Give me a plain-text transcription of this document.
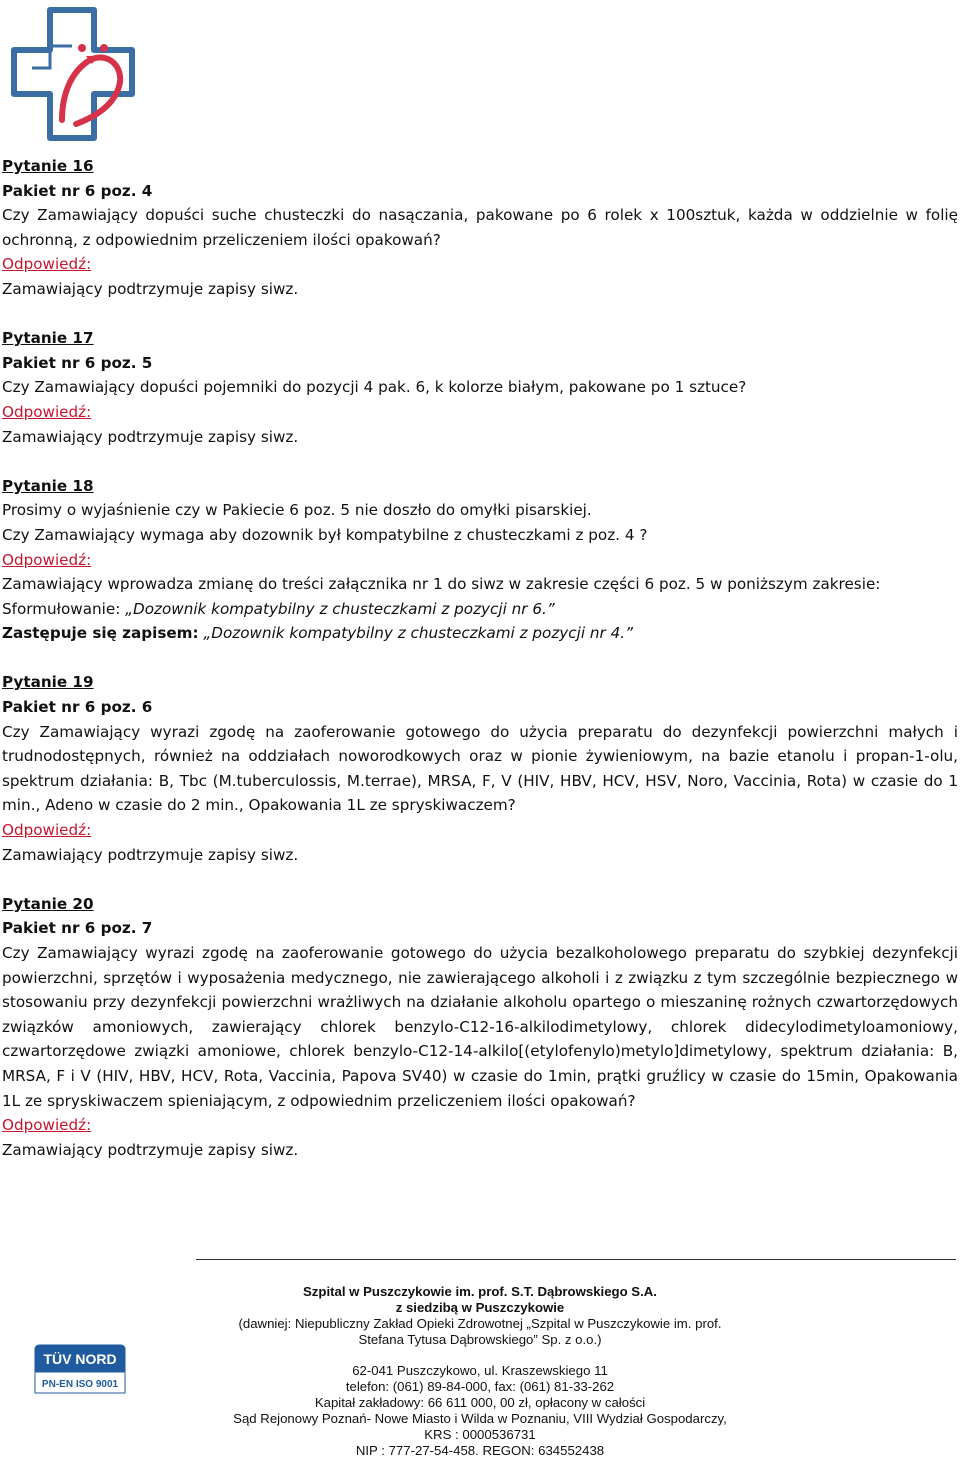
Pytanie 16

Pakiet nr 6 poz. 4

Czy Zamawiający dopuści suche chusteczki do nasączania, pakowane po 6 rolek x 100sztuk, każda w oddzielnie w folię ochronną, z odpowiednim przeliczeniem ilości opakowań?

Odpowiedź:

Zamawiający podtrzymuje zapisy siwz.

Pytanie 17

Pakiet nr 6 poz. 5

Czy Zamawiający dopuści pojemniki do pozycji 4 pak. 6, k kolorze białym, pakowane po 1 sztuce?

Odpowiedź:

Zamawiający podtrzymuje zapisy siwz.

Pytanie 18

Prosimy o wyjaśnienie czy w Pakiecie 6 poz. 5 nie doszło do omyłki pisarskiej.

Czy Zamawiający wymaga aby dozownik był kompatybilne z chusteczkami z poz. 4 ?

Odpowiedź:

Zamawiający wprowadza zmianę do treści załącznika nr 1 do siwz w zakresie części 6 poz. 5 w poniższym zakresie:

Sformułowanie: „Dozownik kompatybilny z chusteczkami z pozycji nr 6.”

Zastępuje się zapisem: „Dozownik kompatybilny z chusteczkami z pozycji nr 4.”

Pytanie 19

Pakiet nr 6 poz. 6

Czy Zamawiający wyrazi zgodę na zaoferowanie gotowego do użycia preparatu do dezynfekcji powierzchni małych i trudnodostępnych, również na oddziałach noworodkowych oraz w pionie żywieniowym, na bazie etanolu i propan-1-olu, spektrum działania: B, Tbc (M.tuberculossis, M.terrae), MRSA, F, V (HIV, HBV, HCV, HSV, Noro, Vaccinia, Rota) w czasie do 1 min., Adeno w czasie do 2 min., Opakowania 1L ze spryskiwaczem?

Odpowiedź:

Zamawiający podtrzymuje zapisy siwz.

Pytanie 20

Pakiet nr 6 poz. 7

Czy Zamawiający wyrazi zgodę na zaoferowanie gotowego do użycia bezalkoholowego preparatu do szybkiej dezynfekcji powierzchni, sprzętów i wyposażenia medycznego, nie zawierającego alkoholi i z związku z tym szczególnie bezpiecznego w stosowaniu przy dezynfekcji powierzchni wrażliwych na działanie alkoholu opartego o mieszaninę rożnych czwartorzędowych związków amoniowych, zawierający chlorek benzylo-C12-16-alkilodimetylowy, chlorek didecylodimetyloamoniowy, czwartorzędowe związki amoniowe, chlorek benzylo-C12-14-alkilo[(etylofenylo)metylo]dimetylowy, spektrum działania: B, MRSA, F i V (HIV, HBV, HCV, Rota, Vaccinia, Papova SV40) w czasie do 1min, prątki gruźlicy w czasie do 15min, Opakowania 1L ze spryskiwaczem spieniającym, z odpowiednim przeliczeniem ilości opakowań?

Odpowiedź:

Zamawiający podtrzymuje zapisy siwz.

TÜV NORD
PN-EN ISO 9001
Szpital w Puszczykowie im. prof. S.T. Dąbrowskiego S.A.
z siedzibą w Puszczykowie
(dawniej: Niepubliczny Zakład Opieki Zdrowotnej „Szpital w Puszczykowie im. prof.
Stefana Tytusa Dąbrowskiego” Sp. z o.o.)
62-041 Puszczykowo, ul. Kraszewskiego 11
telefon: (061) 89-84-000, fax: (061) 81-33-262
Kapitał zakładowy: 66 611 000, 00 zł, opłacony w całości
Sąd Rejonowy Poznań- Nowe Miasto i Wilda w Poznaniu, VIII Wydział Gospodarczy,
KRS : 0000536731
NIP : 777-27-54-458. REGON: 634552438
